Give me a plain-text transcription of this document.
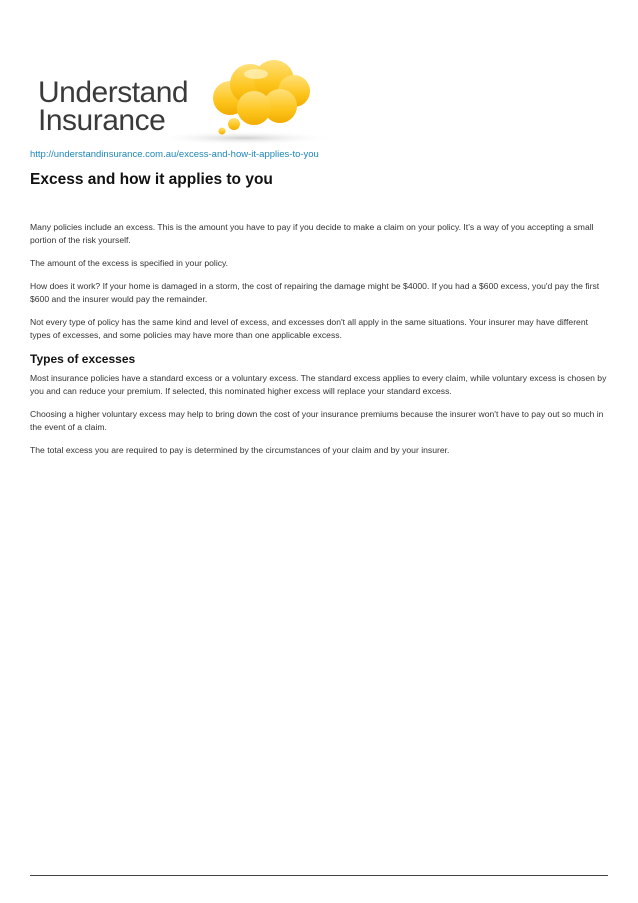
Understand
Insurance
http://understandinsurance.com.au/excess-and-how-it-applies-to-you
Excess and how it applies to you

Many policies include an excess. This is the amount you have to pay if you decide to make a claim on your policy. It's a way of you accepting a small portion of the risk yourself.

The amount of the excess is specified in your policy.

How does it work? If your home is damaged in a storm, the cost of repairing the damage might be $4000. If you had a $600 excess, you'd pay the first $600 and the insurer would pay the remainder.

Not every type of policy has the same kind and level of excess, and excesses don't all apply in the same situations. Your insurer may have different types of excesses, and some policies may have more than one applicable excess.

Types of excesses

Most insurance policies have a standard excess or a voluntary excess. The standard excess applies to every claim, while voluntary excess is chosen by you and can reduce your premium. If selected, this nominated higher excess will replace your standard excess.

Choosing a higher voluntary excess may help to bring down the cost of your insurance premiums because the insurer won't have to pay out so much in the event of a claim.

The total excess you are required to pay is determined by the circumstances of your claim and by your insurer.
